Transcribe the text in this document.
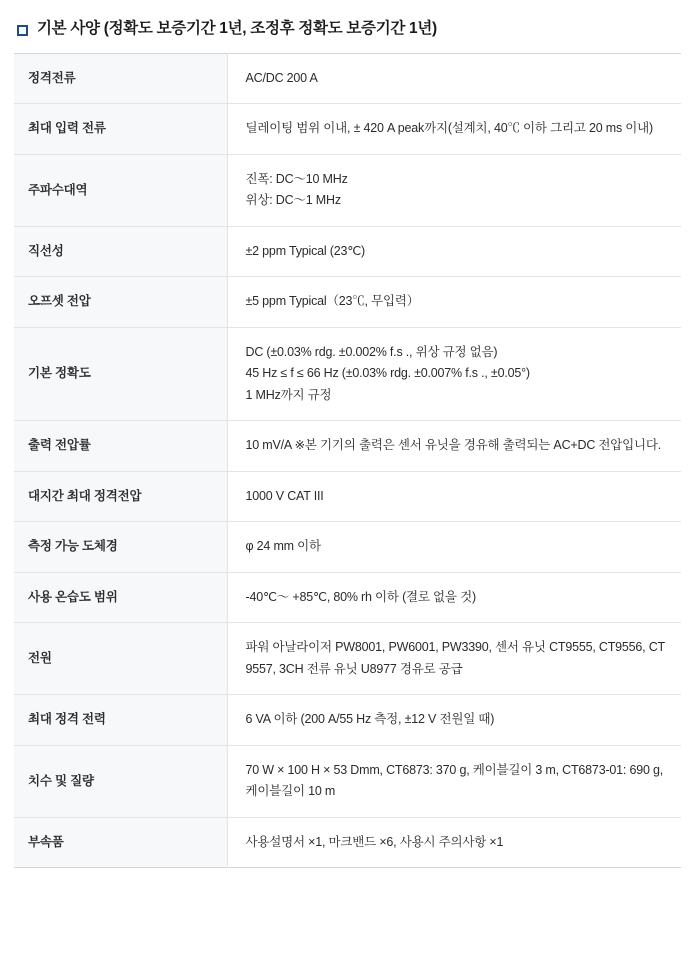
기본 사양 (정확도 보증기간 1년, 조정후 정확도 보증기간 1년)
정격전류	AC/DC 200 A

최대 입력 전류	딜레이팅 범위 이내, ± 420 A peak까지(설계치, 40℃ 이하 그리고 20 ms 이내)

주파수대역	진폭: DC〜10 MHz
위상: DC〜1 MHz

직선성	±2 ppm Typical (23℃)

오프셋 전압	±5 ppm Typical（23℃, 무입력）

기본 정확도	DC (±0.03% rdg. ±0.002% f.s ., 위상 규정 없음)
45 Hz ≤ f ≤ 66 Hz (±0.03% rdg. ±0.007% f.s ., ±0.05°)
1 MHz까지 규정

출력 전압률	10 mV/A ※본 기기의 출력은 센서 유닛을 경유해 출력되는 AC+DC 전압입니다.

대지간 최대 정격전압	1000 V CAT III

측정 가능 도체경	φ 24 mm 이하

사용 온습도 범위	-40℃〜 +85℃, 80% rh 이하 (결로 없을 것)

전원	파워 아날라이저 PW8001, PW6001, PW3390, 센서 유닛 CT9555, CT9556, CT9557, 3CH 전류 유닛 U8977 경유로 공급

최대 정격 전력	6 VA 이하 (200 A/55 Hz 측정, ±12 V 전원일 때)

치수 및 질량	70 W × 100 H × 53 Dmm, CT6873: 370 g, 케이블길이 3 m, CT6873-01: 690 g, 케이블길이 10 m

부속품	사용설명서 ×1, 마크밴드 ×6, 사용시 주의사항 ×1
